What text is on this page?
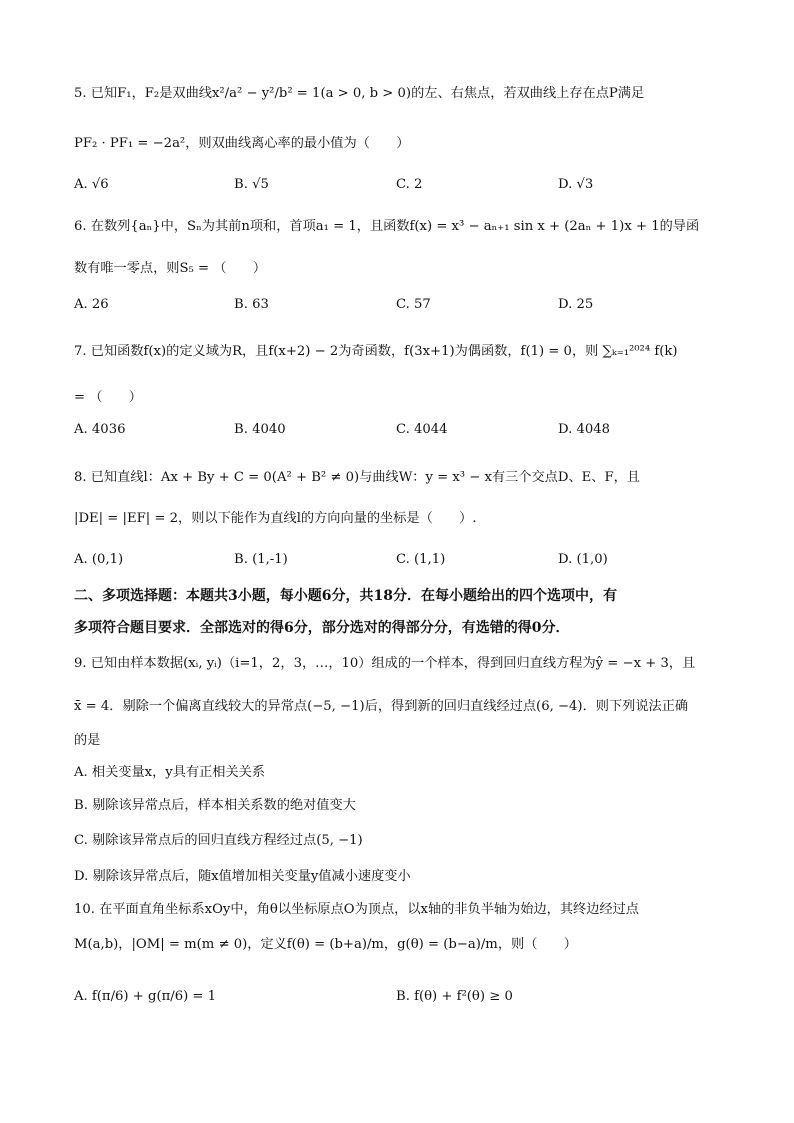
5. 已知F₁，F₂是双曲线x²/a² − y²/b² = 1(a > 0, b > 0)的左、右焦点，若双曲线上存在点P满足
PF₂ · PF₁ = −2a²，则双曲线离心率的最小值为（　　）
A. √6	B. √5	C. 2	D. √3
6. 在数列{aₙ}中，Sₙ为其前n项和，首项a₁ = 1，且函数f(x) = x³ − aₙ₊₁ sin x + (2aₙ + 1)x + 1的导函
数有唯一零点，则S₅ = （　　）
A. 26	B. 63	C. 57	D. 25
7. 已知函数f(x)的定义域为R，且f(x+2) − 2为奇函数，f(3x+1)为偶函数，f(1) = 0，则 ∑ₖ₌₁²⁰²⁴ f(k)
= （　　）
A. 4036	B. 4040	C. 4044	D. 4048
8. 已知直线l：Ax + By + C = 0(A² + B² ≠ 0)与曲线W：y = x³ − x有三个交点D、E、F，且
|DE| = |EF| = 2，则以下能作为直线l的方向向量的坐标是（　　）.
A. (0,1)	B. (1,-1)	C. (1,1)	D. (1,0)
二、多项选择题：本题共3小题，每小题6分，共18分．在每小题给出的四个选项中，有
多项符合题目要求．全部选对的得6分，部分选对的得部分分，有选错的得0分．
9. 已知由样本数据(xᵢ, yᵢ)（i=1，2，3，…，10）组成的一个样本，得到回归直线方程为ŷ = −x + 3，且
x̄ = 4．剔除一个偏离直线较大的异常点(−5, −1)后，得到新的回归直线经过点(6, −4)．则下列说法正确
的是
A. 相关变量x，y具有正相关关系
B. 剔除该异常点后，样本相关系数的绝对值变大
C. 剔除该异常点后的回归直线方程经过点(5, −1)
D. 剔除该异常点后，随x值增加相关变量y值减小速度变小
10. 在平面直角坐标系xOy中，角θ以坐标原点O为顶点，以x轴的非负半轴为始边，其终边经过点
M(a,b)，|OM| = m(m ≠ 0)，定义f(θ) = (b+a)/m，g(θ) = (b−a)/m，则（　　）
A. f(π/6) + g(π/6) = 1	B. f(θ) + f²(θ) ≥ 0
